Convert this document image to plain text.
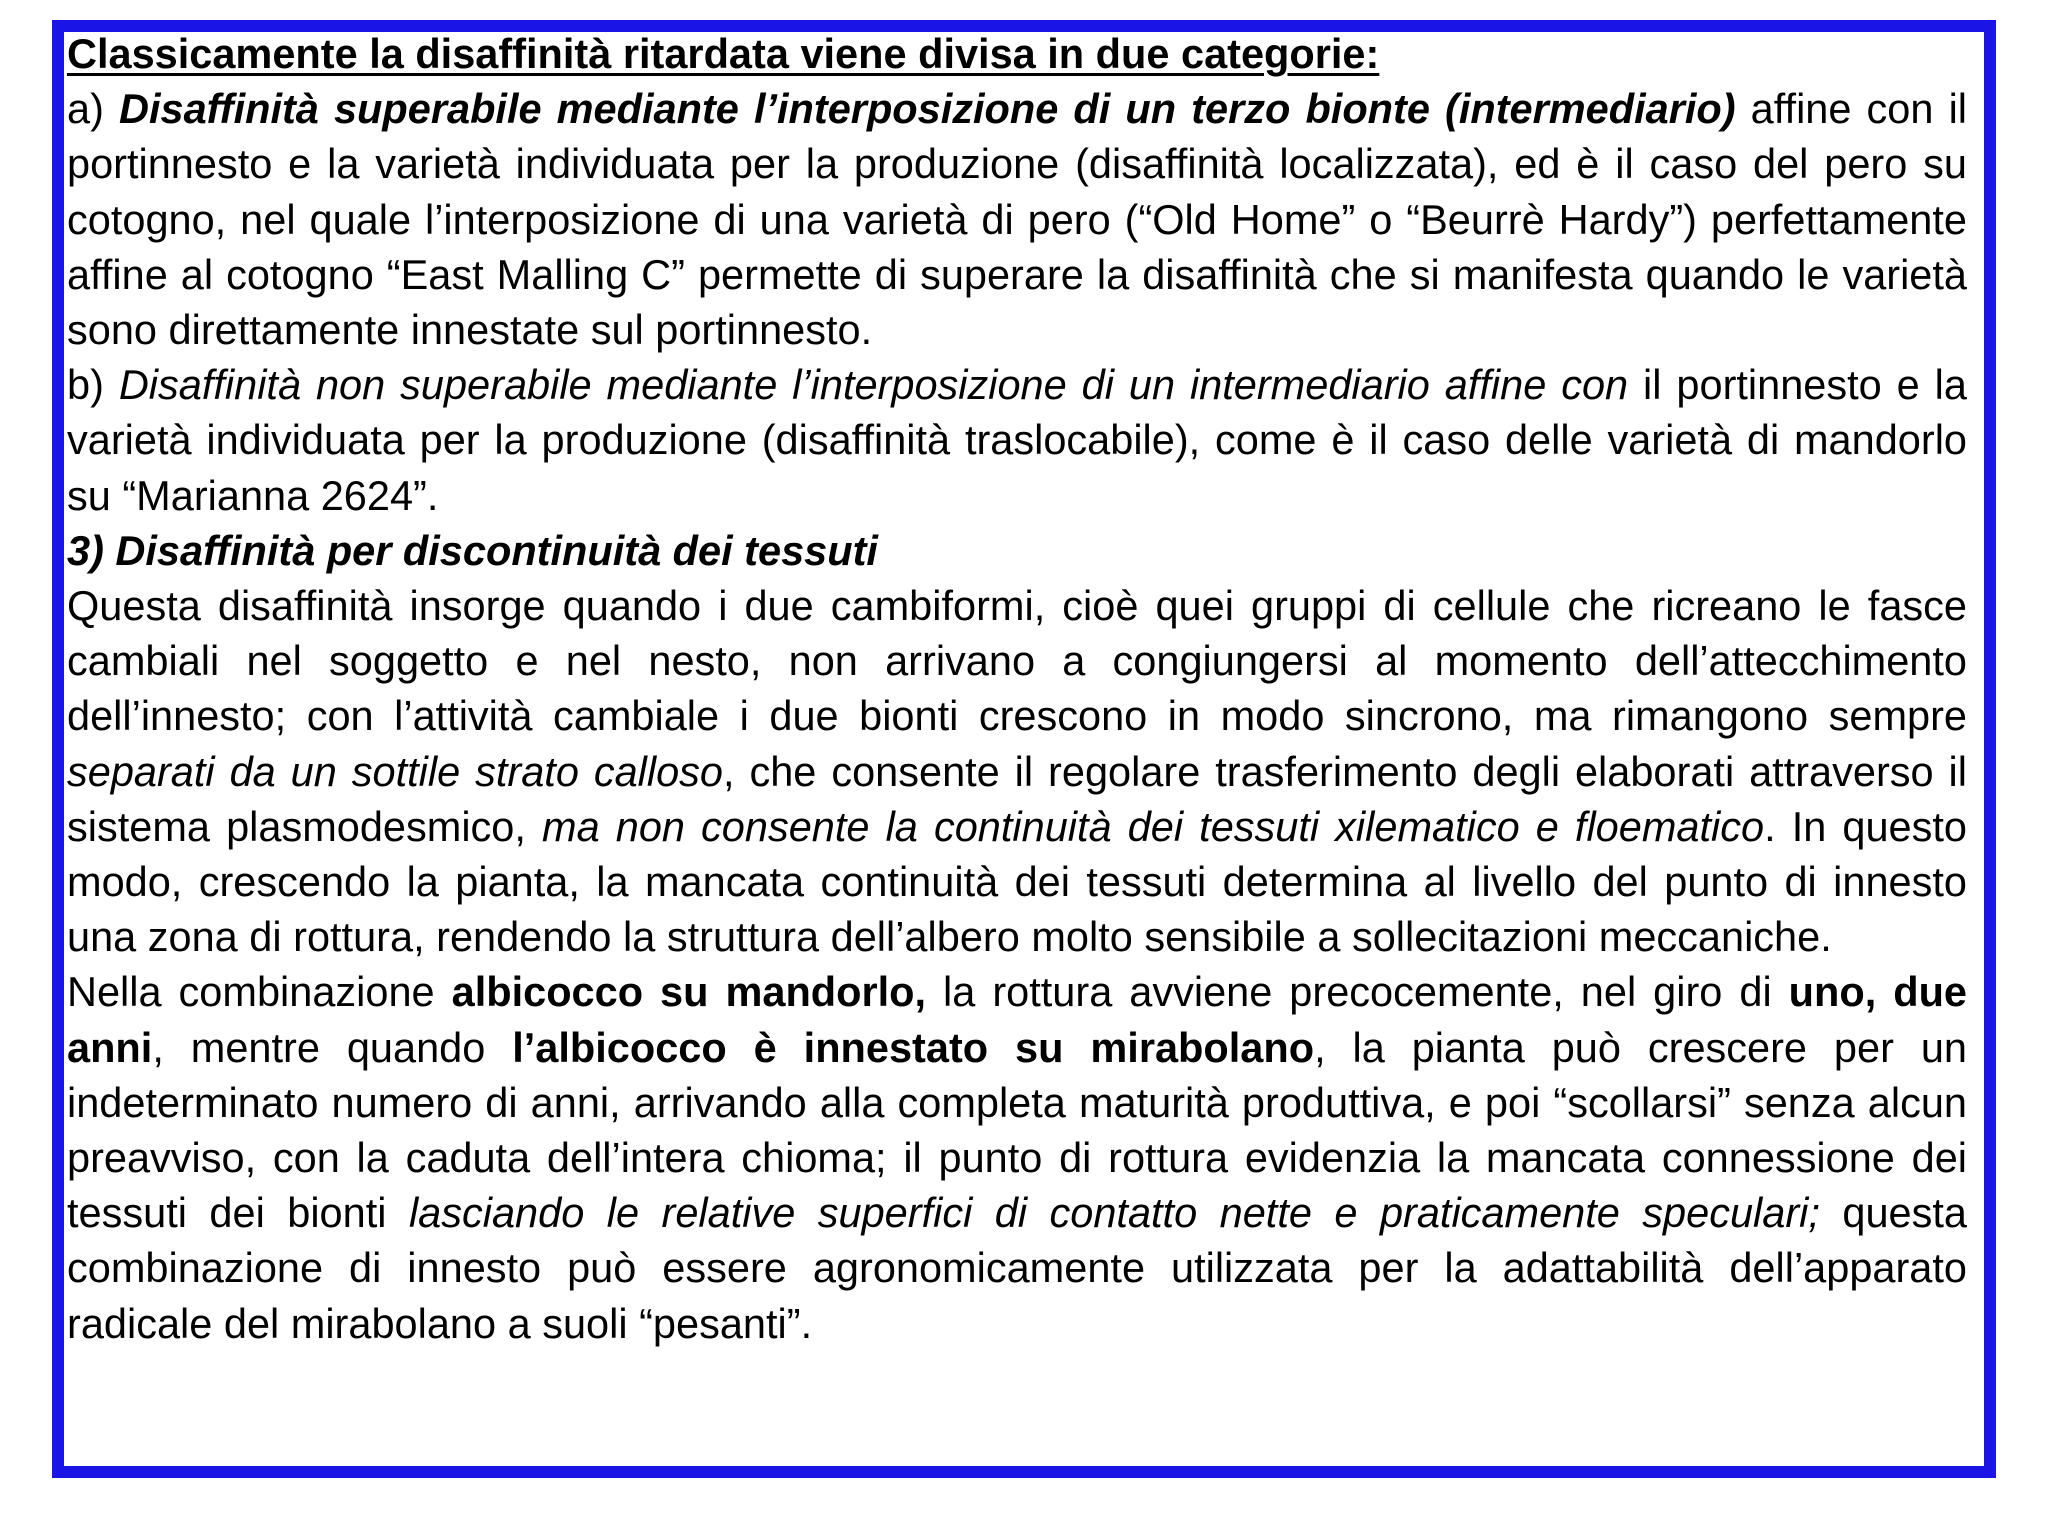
Classicamente la disaffinità ritardata viene divisa in due categorie:

a) Disaffinità superabile mediante l’interposizione di un terzo bionte (intermediario) affine con il portinnesto e la varietà individuata per la produzione (disaffinità localizzata), ed è il caso del pero su cotogno, nel quale l’interposizione di una varietà di pero (“Old Home” o “Beurrè Hardy”) perfettamente affine al cotogno “East Malling C” permette di superare la disaffinità che si manifesta quando le varietà sono direttamente innestate sul portinnesto.

b) Disaffinità non superabile mediante l’interposizione di un intermediario affine con il portinnesto e la varietà individuata per la produzione (disaffinità traslocabile), come è il caso delle varietà di mandorlo su “Marianna 2624”.

3) Disaffinità per discontinuità dei tessuti

Questa disaffinità insorge quando i due cambiformi, cioè quei gruppi di cellule che ricreano le fasce cambiali nel soggetto e nel nesto, non arrivano a congiungersi al momento dell’attecchimento dell’innesto; con l’attività cambiale i due bionti crescono in modo sincrono, ma rimangono sempre separati da un sottile strato calloso, che consente il regolare trasferimento degli elaborati attraverso il sistema plasmodesmico, ma non consente la continuità dei tessuti xilematico e floematico. In questo modo, crescendo la pianta, la mancata continuità dei tessuti determina al livello del punto di innesto una zona di rottura, rendendo la struttura dell’albero molto sensibile a sollecitazioni meccaniche.

Nella combinazione albicocco su mandorlo, la rottura avviene precocemente, nel giro di uno, due anni, mentre quando l’albicocco è innestato su mirabolano, la pianta può crescere per un indeterminato numero di anni, arrivando alla completa maturità produttiva, e poi “scollarsi” senza alcun preavviso, con la caduta dell’intera chioma; il punto di rottura evidenzia la mancata connessione dei tessuti dei bionti lasciando le relative superfici di contatto nette e praticamente speculari; questa combinazione di innesto può essere agronomicamente utilizzata per la adattabilità dell’apparato radicale del mirabolano a suoli “pesanti”.
